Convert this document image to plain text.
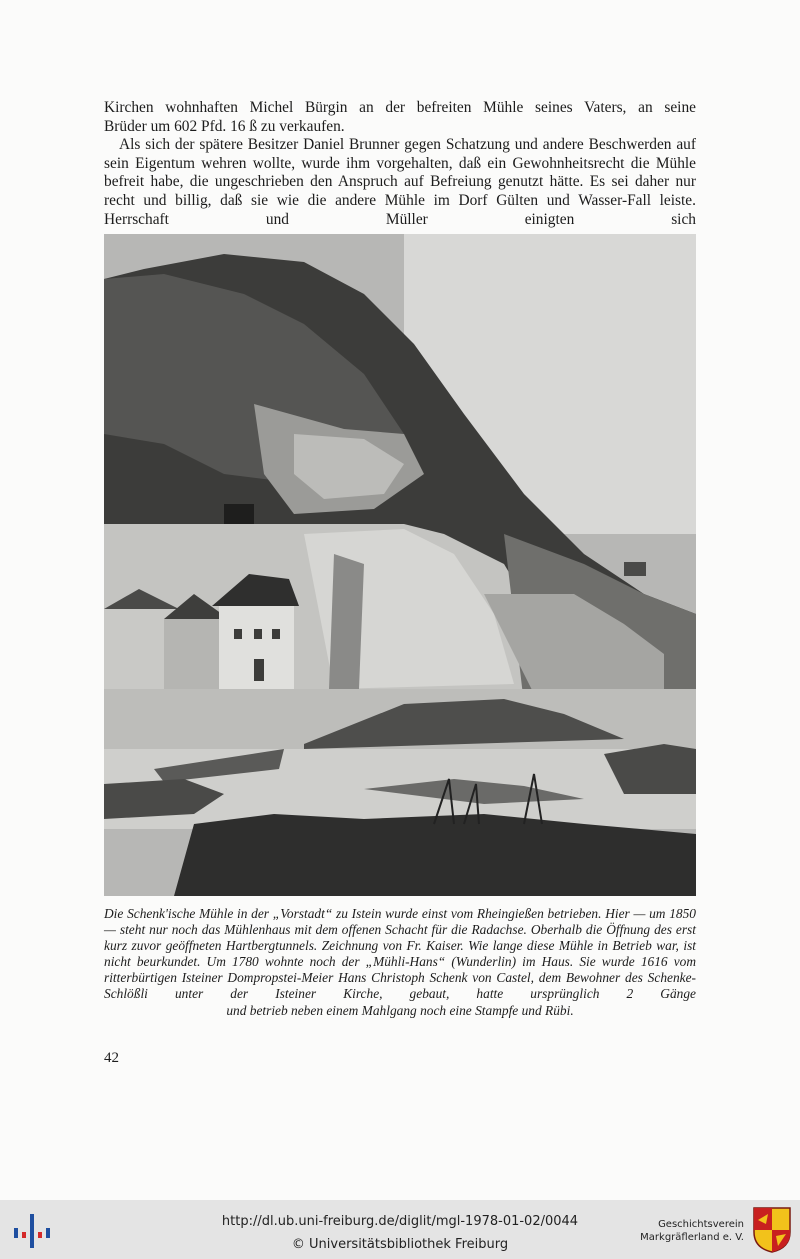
Kirchen wohnhaften Michel Bürgin an der befreiten Mühle seines Vaters, an seine

Brüder um 602 Pfd. 16 ß zu verkaufen.

Als sich der spätere Besitzer Daniel Brunner gegen Schatzung und andere Beschwerden auf sein Eigentum wehren wollte, wurde ihm vorgehalten, daß ein Gewohnheitsrecht die Mühle befreit habe, die ungeschrieben den Anspruch auf Befreiung genutzt hätte. Es sei daher nur recht und billig, daß sie wie die andere Mühle im Dorf Gülten und Wasser-Fall leiste. Herrschaft und Müller einigten sich

Die Schenk'ische Mühle in der „Vorstadt“ zu Istein wurde einst vom Rheingießen betrieben. Hier — um 1850 — steht nur noch das Mühlenhaus mit dem offenen Schacht für die Radachse. Oberhalb die Öffnung des erst kurz zuvor geöffneten Hartbergtunnels. Zeichnung von Fr. Kaiser. Wie lange diese Mühle in Betrieb war, ist nicht beurkundet. Um 1780 wohnte noch der „Mühli-Hans“ (Wunderlin) im Haus. Sie wurde 1616 vom ritterbürtigen Isteiner Dompropstei-Meier Hans Christoph Schenk von Castel, dem Bewohner des Schenke-Schlößli unter der Isteiner Kirche, gebaut, hatte ursprünglich 2 Gänge

und betrieb neben einem Mahlgang noch eine Stampfe und Rübi.

42
http://dl.ub.uni-freiburg.de/diglit/mgl-1978-01-02/0044
© Universitätsbibliothek Freiburg
Geschichtsverein
Markgräflerland e. V.
